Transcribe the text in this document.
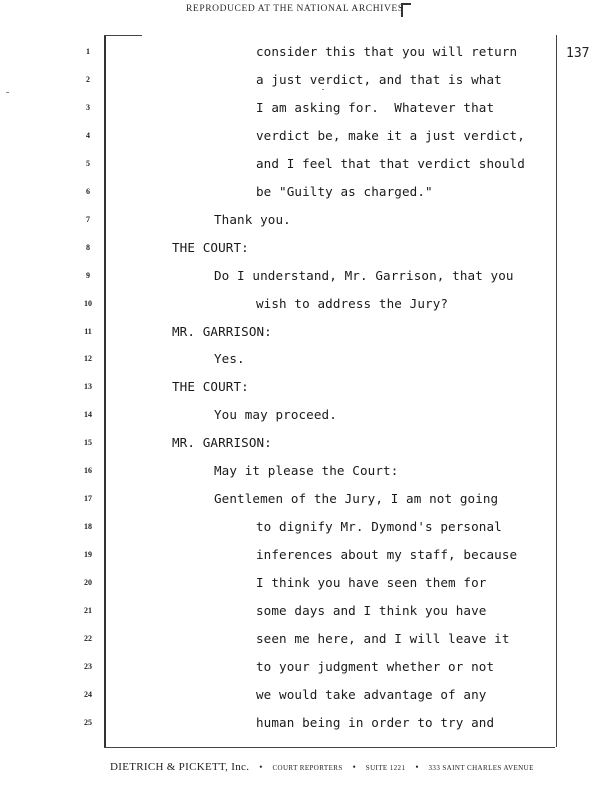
REPRODUCED AT THE NATIONAL ARCHIVES
137
1
2
3
4
5
6
7
8
9
10
11
12
13
14
15
16
17
18
19
20
21
22
23
24
25
consider this that you will return
a just verdict, and that is what
I am asking for.  Whatever that
verdict be, make it a just verdict,
and I feel that that verdict should
be "Guilty as charged."
Thank you.
THE COURT:
Do I understand, Mr. Garrison, that you
wish to address the Jury?
MR. GARRISON:
Yes.
THE COURT:
You may proceed.
MR. GARRISON:
May it please the Court:
Gentlemen of the Jury, I am not going
to dignify Mr. Dymond's personal
inferences about my staff, because
I think you have seen them for
some days and I think you have
seen me here, and I will leave it
to your judgment whether or not
we would take advantage of any
human being in order to try and
DIETRICH & PICKETT, Inc. • COURT REPORTERS • SUITE 1221 • 333 SAINT CHARLES AVENUE
